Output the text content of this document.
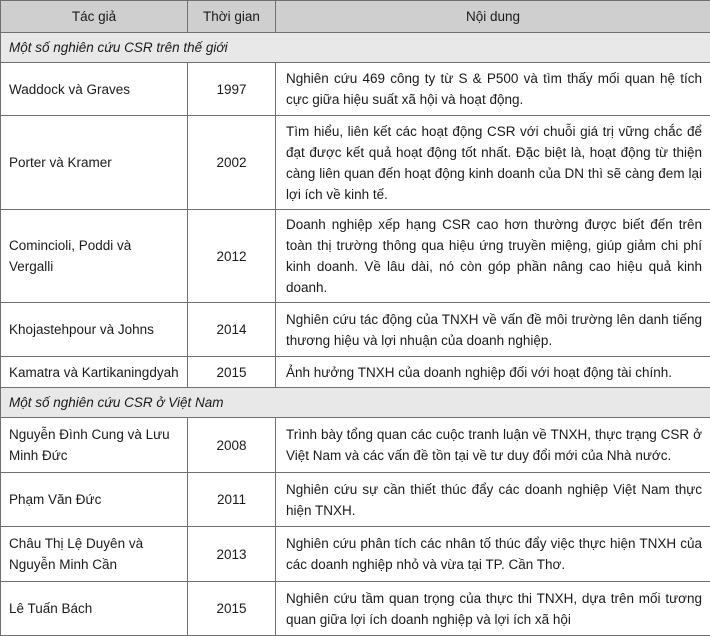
Tác giả	Thời gian	Nội dung
Một số nghiên cứu CSR trên thế giới		
Waddock và Graves	1997	Nghiên cứu 469 công ty từ S & P500 và tìm thấy mối quan hệ tích cực giữa hiệu suất xã hội và hoạt động.
Porter và Kramer	2002	Tìm hiểu, liên kết các hoạt động CSR với chuỗi giá trị vững chắc để đạt được kết quả hoạt động tốt nhất. Đặc biệt là, hoạt động từ thiện càng liên quan đến hoạt động kinh doanh của DN thì sẽ càng đem lại lợi ích về kinh tế.
Comincioli, Poddi và Vergalli	2012	Doanh nghiệp xếp hạng CSR cao hơn thường được biết đến trên toàn thị trường thông qua hiệu ứng truyền miệng, giúp giảm chi phí kinh doanh. Về lâu dài, nó còn góp phần nâng cao hiệu quả kinh doanh.
Khojastehpour và Johns	2014	Nghiên cứu tác động của TNXH về vấn đề môi trường lên danh tiếng thương hiệu và lợi nhuận của doanh nghiệp.
Kamatra và Kartikaningdyah	2015	Ảnh hưởng TNXH của doanh nghiệp đối với hoạt động tài chính.
Một số nghiên cứu CSR ở Việt Nam		
Nguyễn Đình Cung và Lưu Minh Đức	2008	Trình bày tổng quan các cuộc tranh luận về TNXH, thực trạng CSR ở Việt Nam và các vấn đề tồn tại về tư duy đổi mới của Nhà nước.
Phạm Văn Đức	2011	Nghiên cứu sự cần thiết thúc đẩy các doanh nghiệp Việt Nam thực hiện TNXH.
Châu Thị Lệ Duyên và Nguyễn Minh Cần	2013	Nghiên cứu phân tích các nhân tố thúc đẩy việc thực hiện TNXH của các doanh nghiệp nhỏ và vừa tại TP. Cần Thơ.
Lê Tuấn Bách	2015	Nghiên cứu tầm quan trọng của thực thi TNXH, dựa trên mối tương quan giữa lợi ích doanh nghiệp và lợi ích xã hội
